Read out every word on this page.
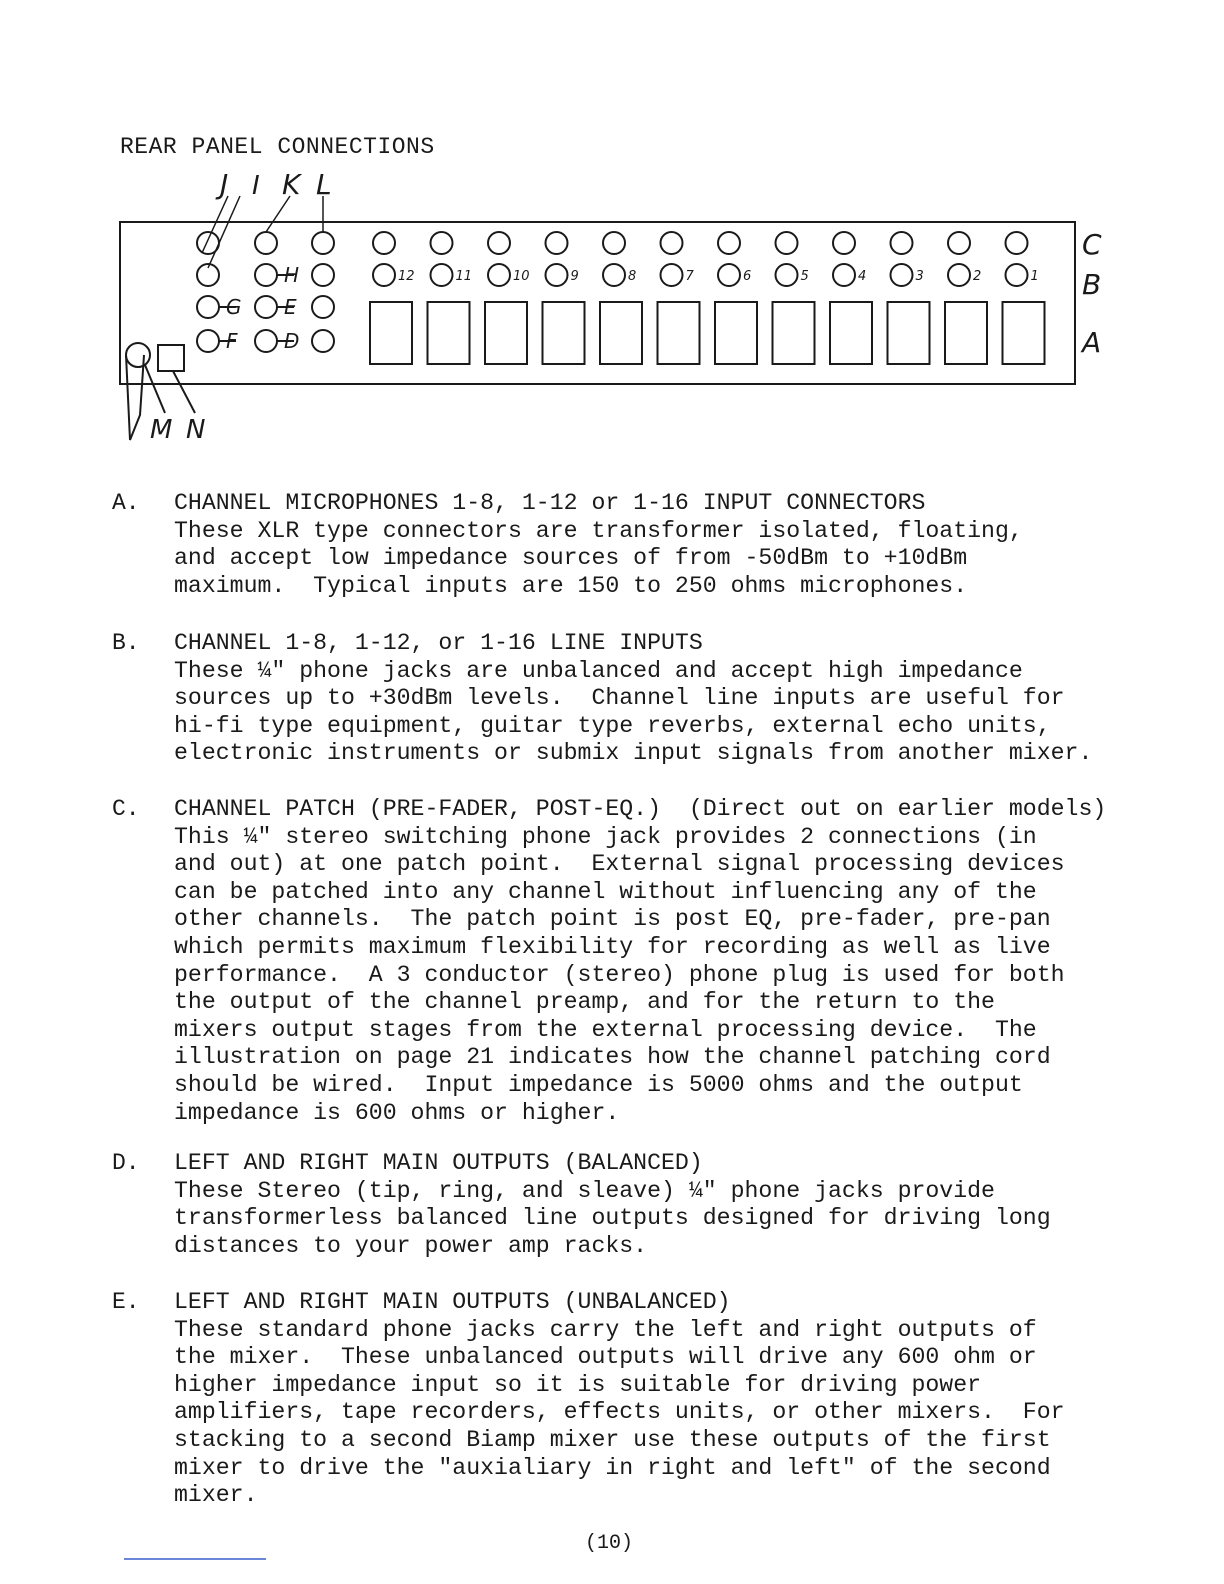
REAR PANEL CONNECTIONS
J I K L
H
E
G
F D
12	11	10	9	8	7	6	5	4	3	2	1
C
B
A
M N
A.	CHANNEL MICROPHONES 1-8, 1-12 or 1-16 INPUT CONNECTORS

These XLR type connectors are transformer isolated, floating,

and accept low impedance sources of from -50dBm to +10dBm

maximum.  Typical inputs are 150 to 250 ohms microphones.

B.	CHANNEL 1-8, 1-12, or 1-16 LINE INPUTS

These ¼" phone jacks are unbalanced and accept high impedance

sources up to +30dBm levels.  Channel line inputs are useful for

hi-fi type equipment, guitar type reverbs, external echo units,

electronic instruments or submix input signals from another mixer.

C.	CHANNEL PATCH (PRE-FADER, POST-EQ.)  (Direct out on earlier models)

This ¼" stereo switching phone jack provides 2 connections (in

and out) at one patch point.  External signal processing devices

can be patched into any channel without influencing any of the

other channels.  The patch point is post EQ, pre-fader, pre-pan

which permits maximum flexibility for recording as well as live

performance.  A 3 conductor (stereo) phone plug is used for both

the output of the channel preamp, and for the return to the

mixers output stages from the external processing device.  The

illustration on page 21 indicates how the channel patching cord

should be wired.  Input impedance is 5000 ohms and the output

impedance is 600 ohms or higher.

D.	LEFT AND RIGHT MAIN OUTPUTS (BALANCED)

These Stereo (tip, ring, and sleave) ¼" phone jacks provide

transformerless balanced line outputs designed for driving long

distances to your power amp racks.

E.	LEFT AND RIGHT MAIN OUTPUTS (UNBALANCED)

These standard phone jacks carry the left and right outputs of

the mixer.  These unbalanced outputs will drive any 600 ohm or

higher impedance input so it is suitable for driving power

amplifiers, tape recorders, effects units, or other mixers.  For

stacking to a second Biamp mixer use these outputs of the first

mixer to drive the "auxialiary in right and left" of the second

mixer.

(10)
